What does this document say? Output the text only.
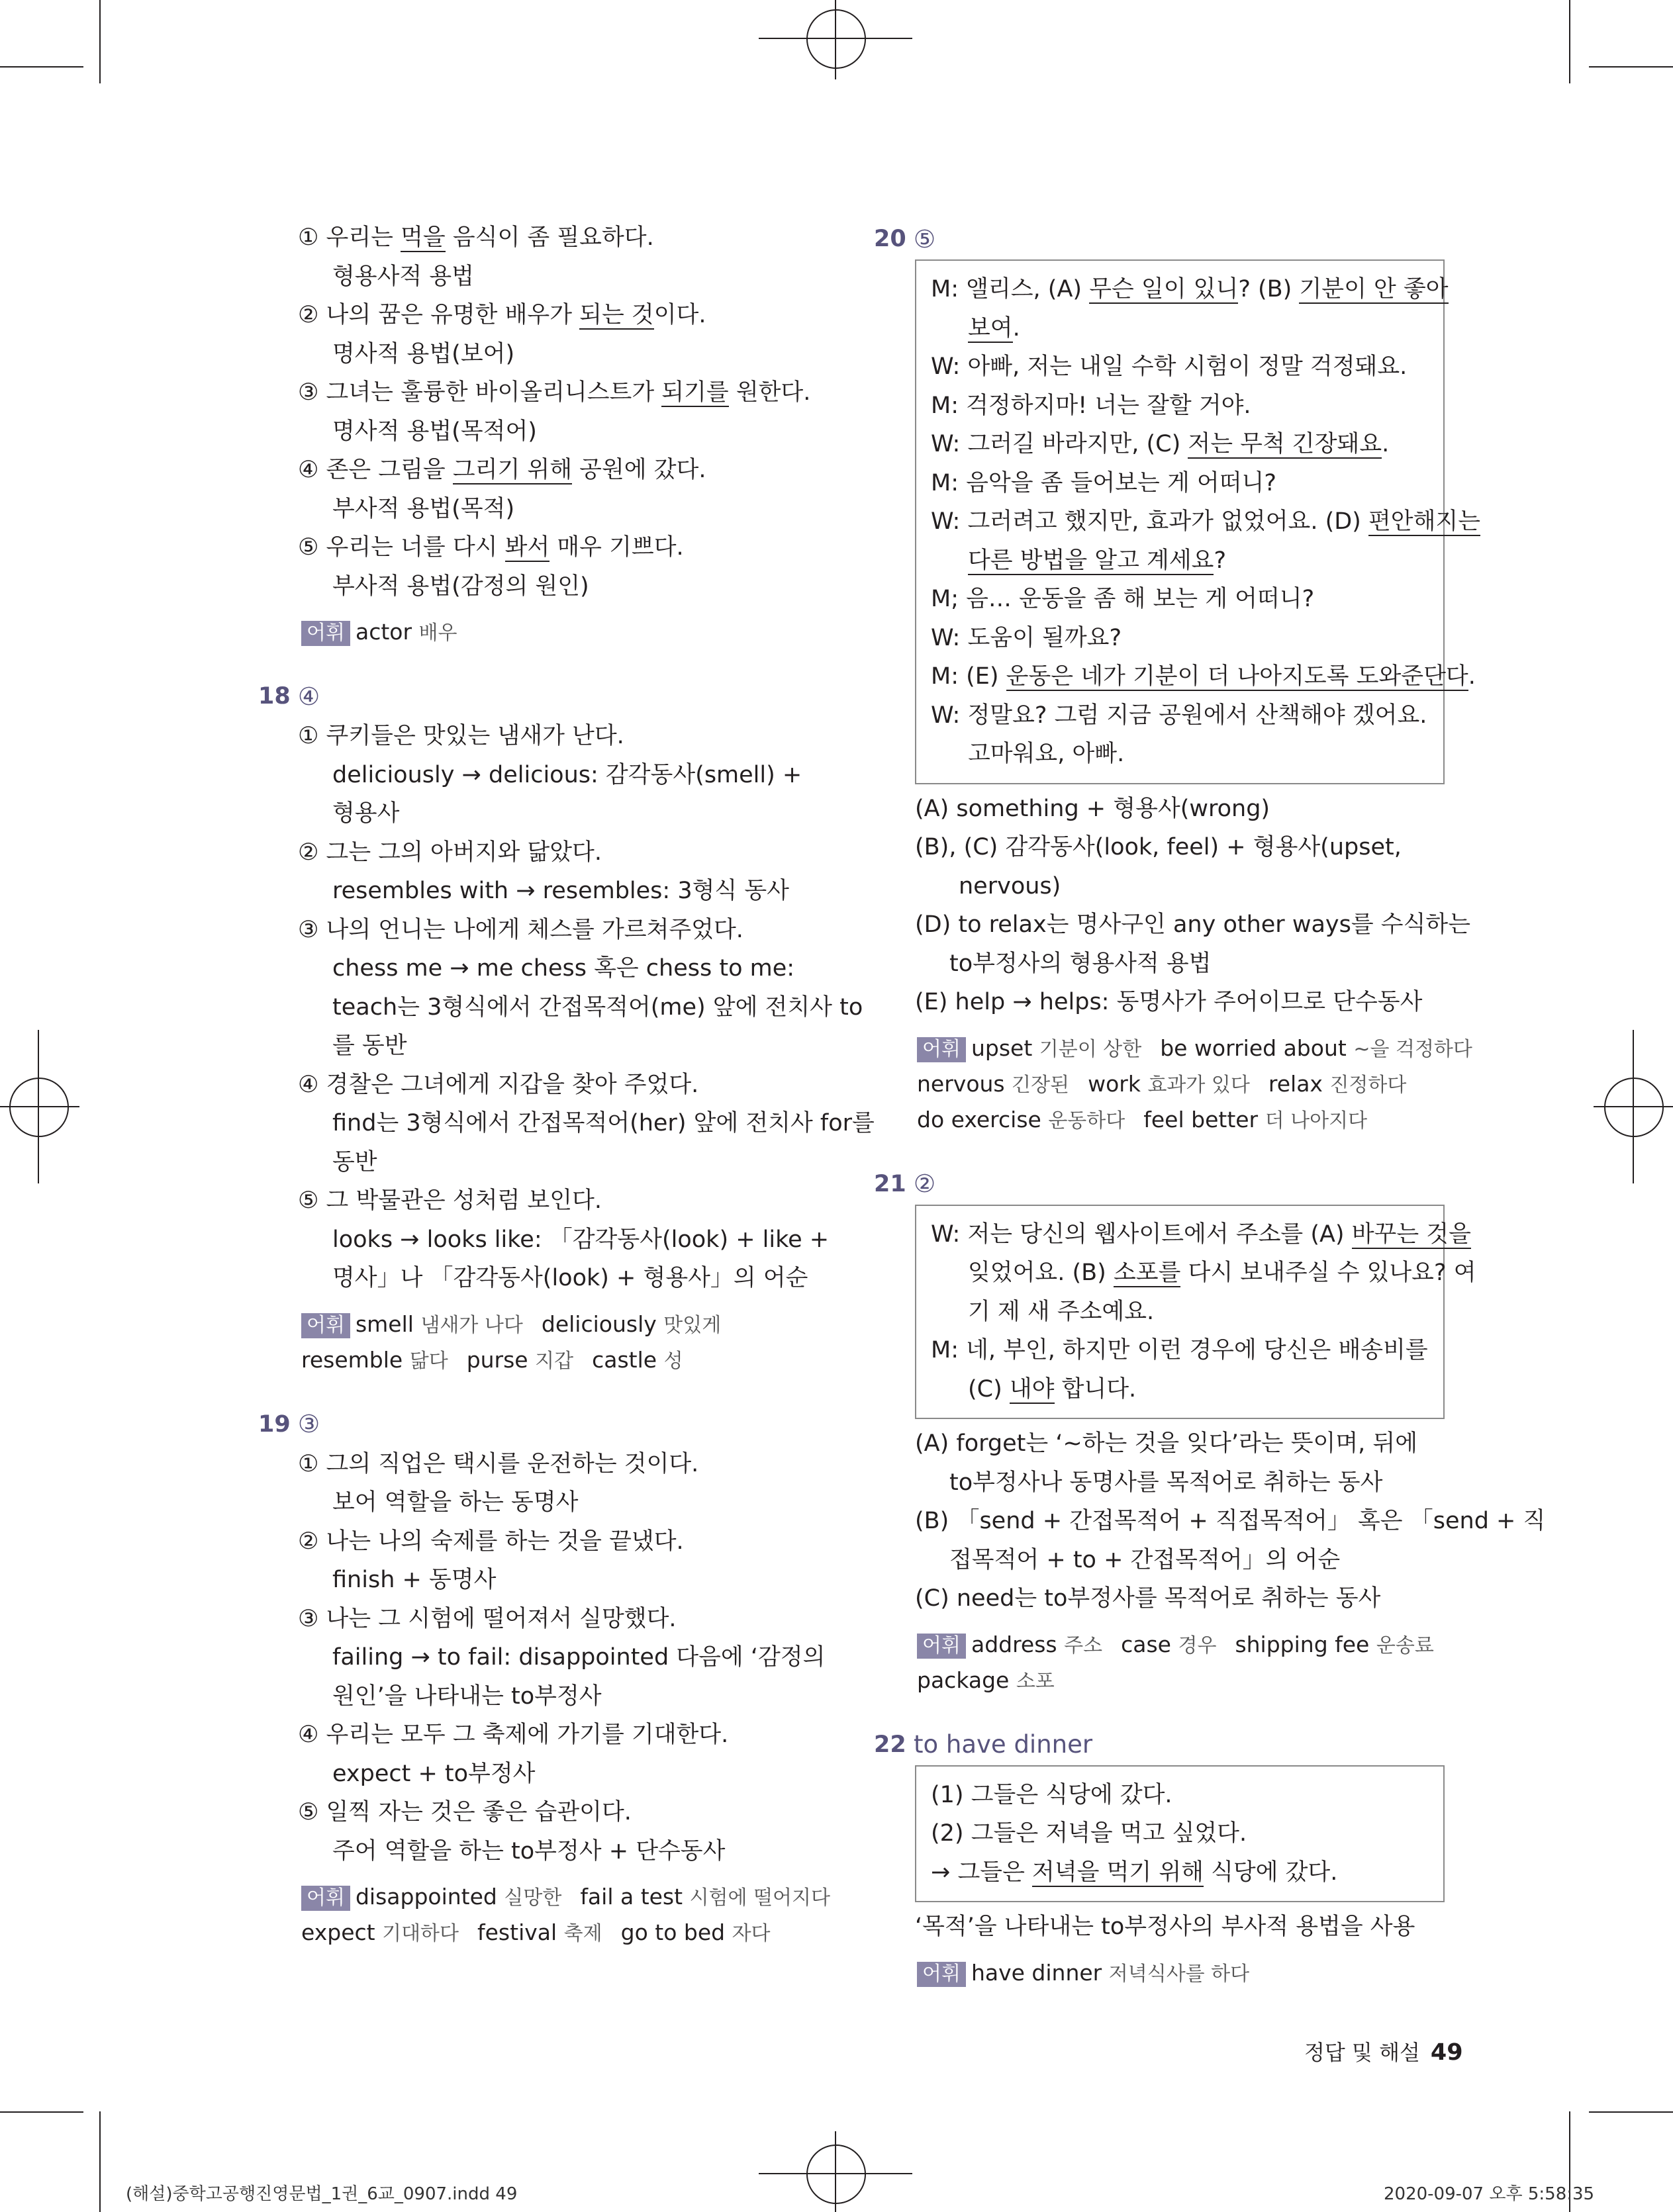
① 우리는 먹을 음식이 좀 필요하다.
형용사적 용법
② 나의 꿈은 유명한 배우가 되는 것이다.
명사적 용법(보어)
③ 그녀는 훌륭한 바이올리니스트가 되기를 원한다.
명사적 용법(목적어)
④ 존은 그림을 그리기 위해 공원에 갔다.
부사적 용법(목적)
⑤ 우리는 너를 다시 봐서 매우 기쁘다.
부사적 용법(감정의 원인)
어휘 actor 배우
18 ④
① 쿠키들은 맛있는 냄새가 난다.
deliciously → delicious: 감각동사(smell) +
형용사
② 그는 그의 아버지와 닮았다.
resembles with → resembles: 3형식 동사
③ 나의 언니는 나에게 체스를 가르쳐주었다.
chess me → me chess 혹은 chess to me:
teach는 3형식에서 간접목적어(me) 앞에 전치사 to
를 동반
④ 경찰은 그녀에게 지갑을 찾아 주었다.
find는 3형식에서 간접목적어(her) 앞에 전치사 for를
동반
⑤ 그 박물관은 성처럼 보인다.
looks → looks like: 「감각동사(look) + like +
명사」나 「감각동사(look) + 형용사」의 어순
어휘 smell 냄새가 나다 deliciously 맛있게
resemble 닮다 purse 지갑 castle 성
19 ③
① 그의 직업은 택시를 운전하는 것이다.
보어 역할을 하는 동명사
② 나는 나의 숙제를 하는 것을 끝냈다.
finish + 동명사
③ 나는 그 시험에 떨어져서 실망했다.
failing → to fail: disappointed 다음에 ‘감정의
원인’을 나타내는 to부정사
④ 우리는 모두 그 축제에 가기를 기대한다.
expect + to부정사
⑤ 일찍 자는 것은 좋은 습관이다.
주어 역할을 하는 to부정사 + 단수동사
어휘 disappointed 실망한 fail a test 시험에 떨어지다
expect 기대하다 festival 축제 go to bed 자다
20 ⑤
M: 앨리스, (A) 무슨 일이 있니? (B) 기분이 안 좋아
보여.
W: 아빠, 저는 내일 수학 시험이 정말 걱정돼요.
M: 걱정하지마! 너는 잘할 거야.
W: 그러길 바라지만, (C) 저는 무척 긴장돼요.
M: 음악을 좀 들어보는 게 어떠니?
W: 그러려고 했지만, 효과가 없었어요. (D) 편안해지는
다른 방법을 알고 계세요?
M; 음… 운동을 좀 해 보는 게 어떠니?
W: 도움이 될까요?
M: (E) 운동은 네가 기분이 더 나아지도록 도와준단다.
W: 정말요? 그럼 지금 공원에서 산책해야 겠어요.
고마워요, 아빠.
(A) something + 형용사(wrong)
(B), (C) 감각동사(look, feel) + 형용사(upset,
nervous)
(D) to relax는 명사구인 any other ways를 수식하는
to부정사의 형용사적 용법
(E) help → helps: 동명사가 주어이므로 단수동사
어휘 upset 기분이 상한 be worried about ~을 걱정하다
nervous 긴장된 work 효과가 있다 relax 진정하다
do exercise 운동하다 feel better 더 나아지다
21 ②
W: 저는 당신의 웹사이트에서 주소를 (A) 바꾸는 것을
잊었어요. (B) 소포를 다시 보내주실 수 있나요? 여
기 제 새 주소예요.
M: 네, 부인, 하지만 이런 경우에 당신은 배송비를
(C) 내야 합니다.
(A) forget는 ‘~하는 것을 잊다’라는 뜻이며, 뒤에
to부정사나 동명사를 목적어로 취하는 동사
(B) 「send + 간접목적어 + 직접목적어」 혹은 「send + 직
접목적어 + to + 간접목적어」의 어순
(C) need는 to부정사를 목적어로 취하는 동사
어휘 address 주소 case 경우 shipping fee 운송료
package 소포
22 to have dinner
(1) 그들은 식당에 갔다.
(2) 그들은 저녁을 먹고 싶었다.
→ 그들은 저녁을 먹기 위해 식당에 갔다.
‘목적’을 나타내는 to부정사의 부사적 용법을 사용
어휘 have dinner 저녁식사를 하다
정답 및 해설 49
(해설)중학고공행진영문법_1권_6교_0907.indd 49	2020-09-07 오후 5:58:35
